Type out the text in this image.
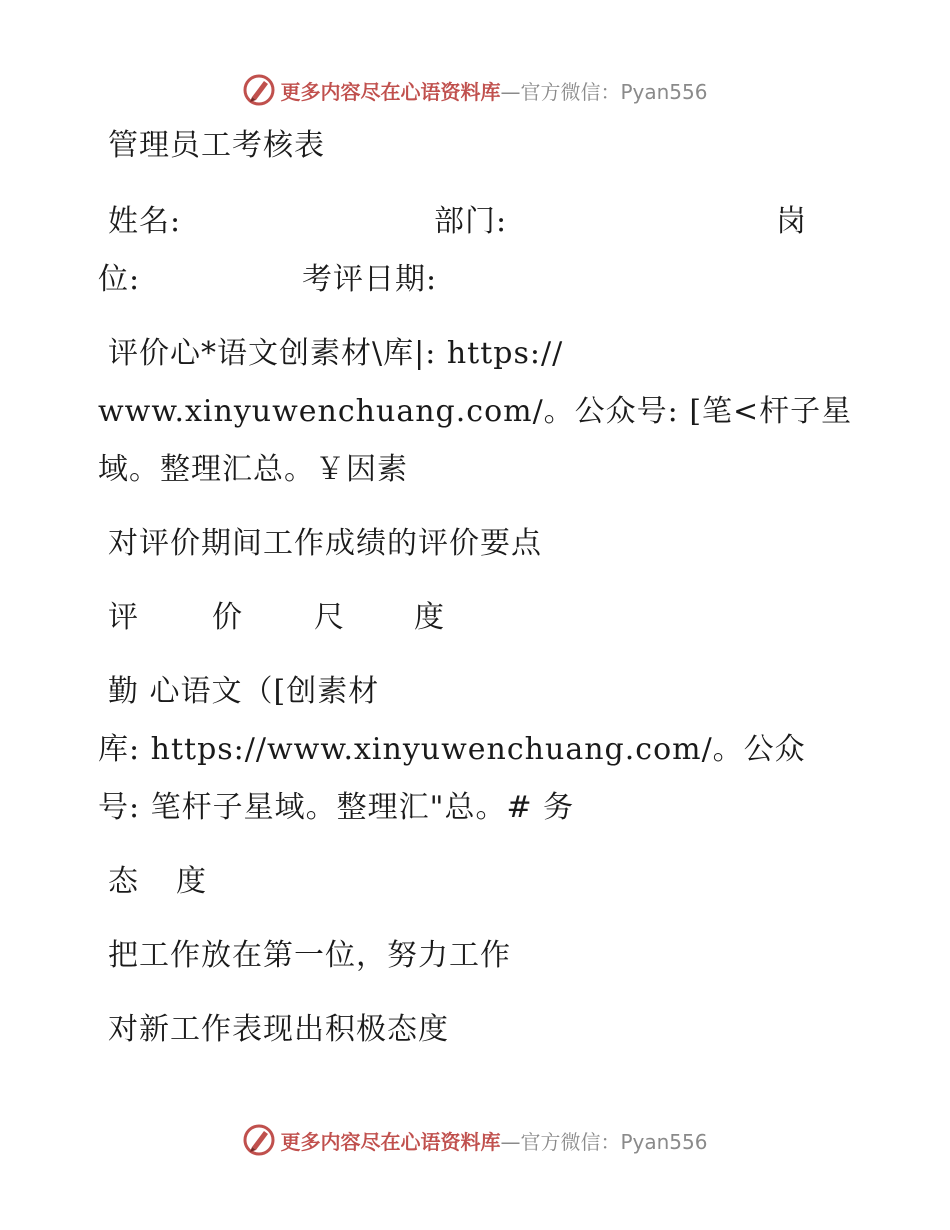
更多内容尽在心语资料库—官方微信：Pyan556
管理员工考核表
姓名:	部门:	岗
位:	考评日期:
评价心*语文创素材\库|: https://
www.xinyuwenchuang.com/。公众号: [笔<杆子星
域。整理汇总。￥因素
对评价期间工作成绩的评价要点
评 价 尺 度
勤 心语文（[创素材
库: https://www.xinyuwenchuang.com/。公众
号: 笔杆子星域。整理汇"总。# 务
态 度
把工作放在第一位，努力工作
对新工作表现出积极态度
更多内容尽在心语资料库—官方微信：Pyan556
